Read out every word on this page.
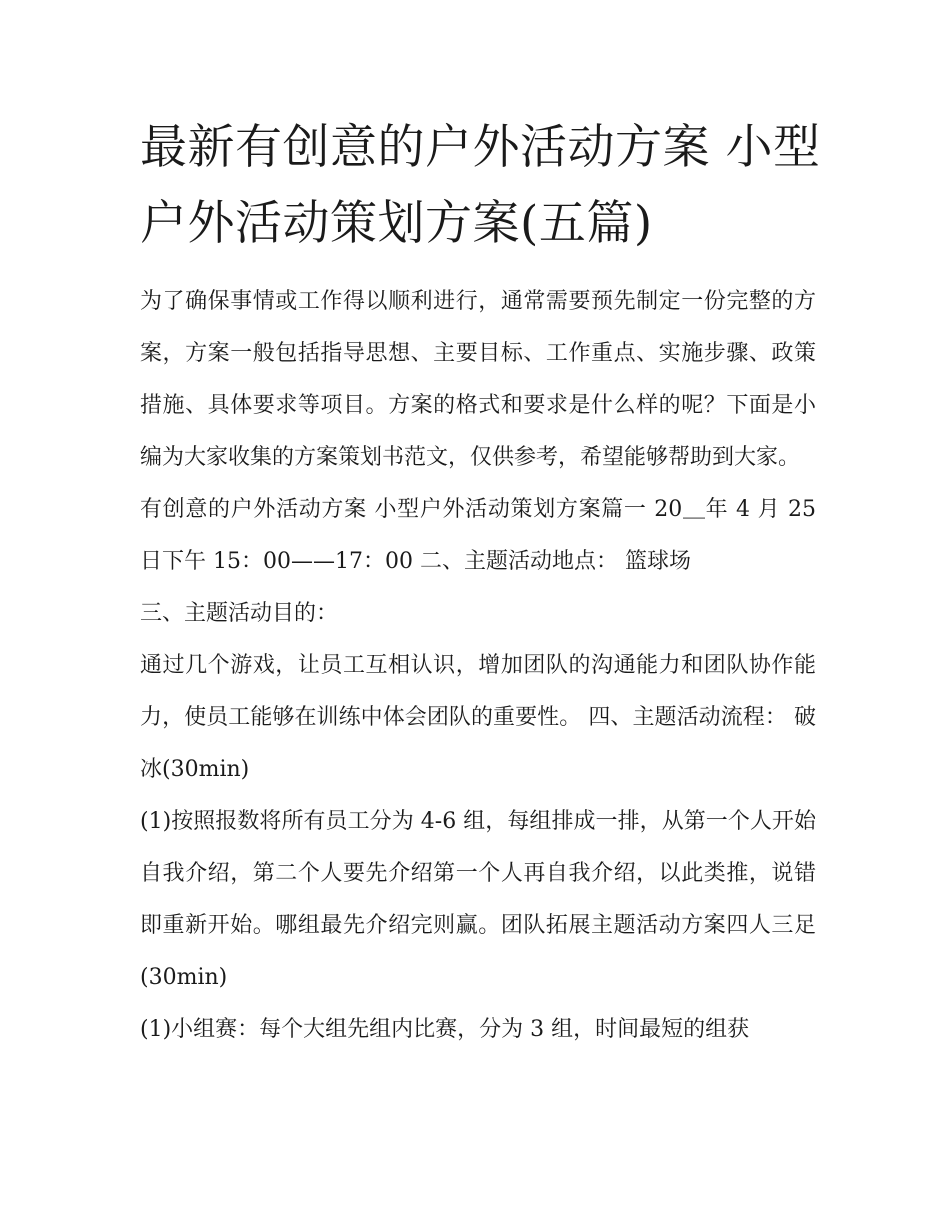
最新有创意的户外活动方案 小型户外活动策划方案(五篇)

为了确保事情或工作得以顺利进行，通常需要预先制定一份完整的方案，方案一般包括指导思想、主要目标、工作重点、实施步骤、政策措施、具体要求等项目。方案的格式和要求是什么样的呢？下面是小编为大家收集的方案策划书范文，仅供参考，希望能够帮助到大家。

有创意的户外活动方案 小型户外活动策划方案篇一 20＿年 4 月 25 日下午 15：00——17：00 二、主题活动地点： 篮球场

三、主题活动目的：

通过几个游戏，让员工互相认识，增加团队的沟通能力和团队协作能力，使员工能够在训练中体会团队的重要性。 四、主题活动流程： 破冰(30min)

(1)按照报数将所有员工分为 4-6 组，每组排成一排，从第一个人开始自我介绍，第二个人要先介绍第一个人再自我介绍，以此类推，说错即重新开始。哪组最先介绍完则赢。团队拓展主题活动方案四人三足(30min)

(1)小组赛：每个大组先组内比赛，分为 3 组，时间最短的组获
